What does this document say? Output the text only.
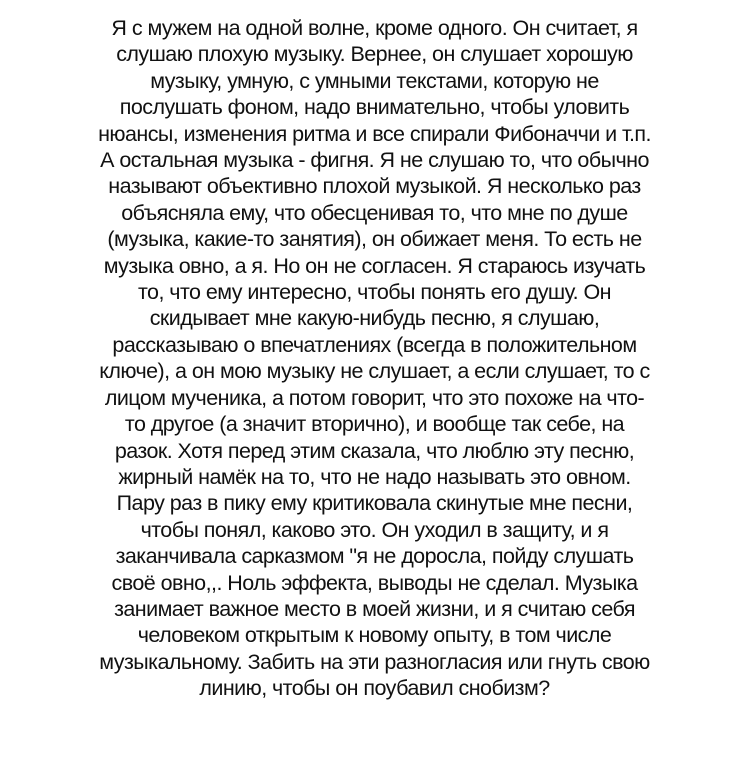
Я с мужем на одной волне, кроме одного. Он считает, я
слушаю плохую музыку. Вернее, он слушает хорошую
музыку, умную, с умными текстами, которую не
послушать фоном, надо внимательно, чтобы уловить
нюансы, изменения ритма и все спирали Фибоначчи и т.п.
А остальная музыка - фигня. Я не слушаю то, что обычно
называют объективно плохой музыкой. Я несколько раз
объясняла ему, что обесценивая то, что мне по душе
(музыка, какие-то занятия), он обижает меня. То есть не
музыка овно, а я. Но он не согласен. Я стараюсь изучать
то, что ему интересно, чтобы понять его душу. Он
скидывает мне какую-нибудь песню, я слушаю,
рассказываю о впечатлениях (всегда в положительном
ключе), а он мою музыку не слушает, а если слушает, то с
лицом мученика, а потом говорит, что это похоже на что-
то другое (а значит вторично), и вообще так себе, на
разок. Хотя перед этим сказала, что люблю эту песню,
жирный намёк на то, что не надо называть это овном.
Пару раз в пику ему критиковала скинутые мне песни,
чтобы понял, каково это. Он уходил в защиту, и я
заканчивала сарказмом "я не доросла, пойду слушать
своё овно,,. Ноль эффекта, выводы не сделал. Музыка
занимает важное место в моей жизни, и я считаю себя
человеком открытым к новому опыту, в том числе
музыкальному. Забить на эти разногласия или гнуть свою
линию, чтобы он поубавил снобизм?
